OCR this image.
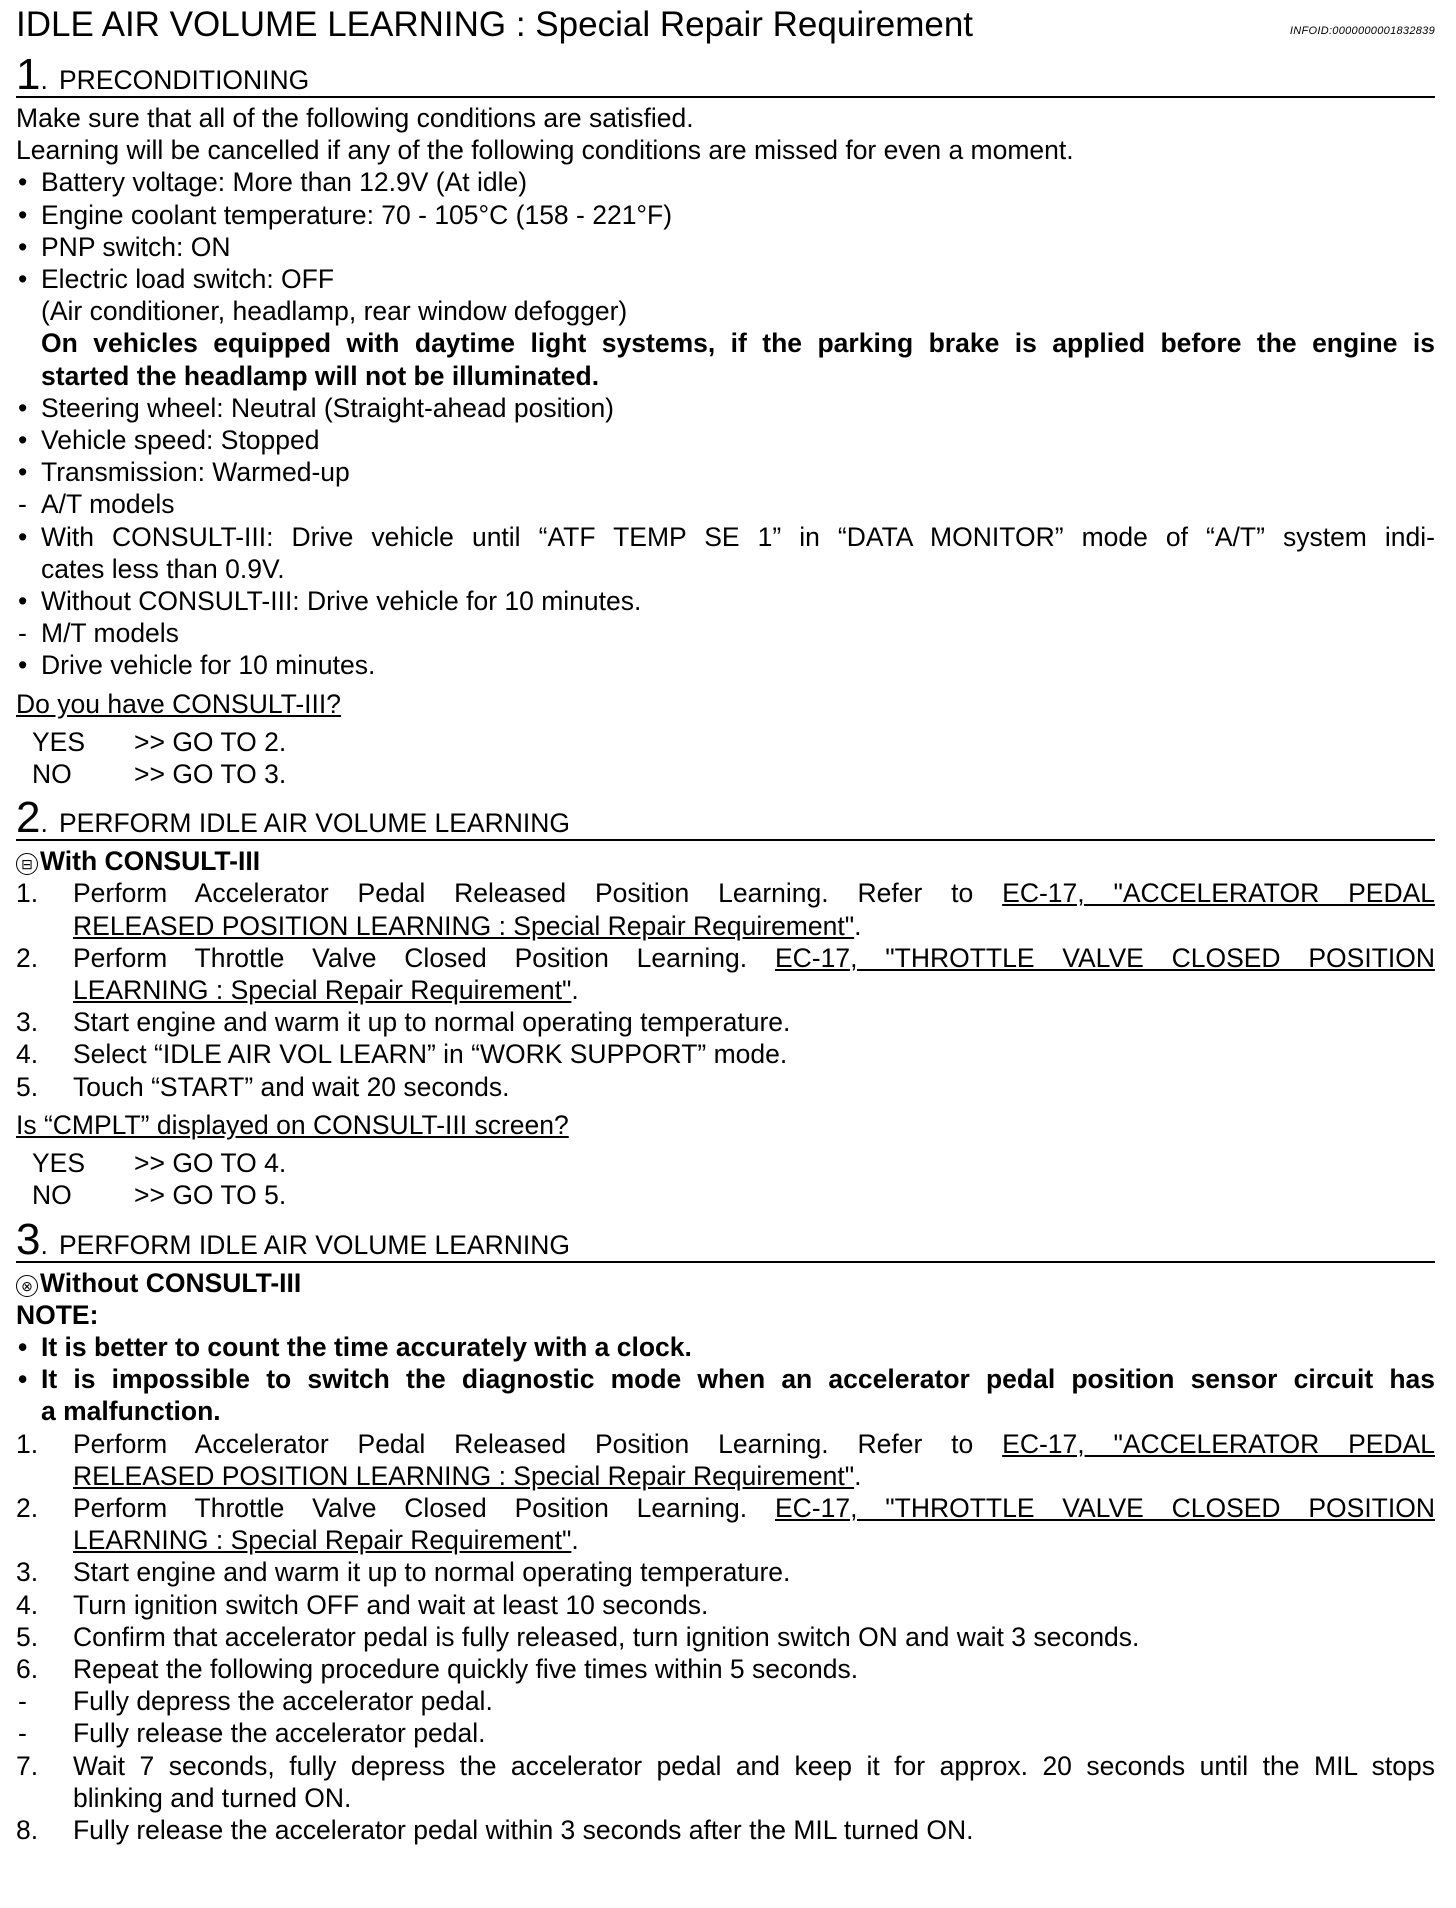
IDLE AIR VOLUME LEARNING : Special Repair Requirement	INFOID:0000000001832839
1. PRECONDITIONING
Make sure that all of the following conditions are satisfied.
Learning will be cancelled if any of the following conditions are missed for even a moment.
• Battery voltage: More than 12.9V (At idle)
• Engine coolant temperature: 70 - 105°C (158 - 221°F)
• PNP switch: ON
• Electric load switch: OFF
(Air conditioner, headlamp, rear window defogger)
On vehicles equipped with daytime light systems, if the parking brake is applied before the engine is
started the headlamp will not be illuminated.
• Steering wheel: Neutral (Straight-ahead position)
• Vehicle speed: Stopped
• Transmission: Warmed-up
- A/T models
• With CONSULT-III: Drive vehicle until “ATF TEMP SE 1” in “DATA MONITOR” mode of “A/T” system indi-
cates less than 0.9V.
• Without CONSULT-III: Drive vehicle for 10 minutes.
- M/T models
• Drive vehicle for 10 minutes.
Do you have CONSULT-III?
YES	>> GO TO 2.
NO	>> GO TO 3.
2. PERFORM IDLE AIR VOLUME LEARNING
⊟ With CONSULT-III
1. Perform Accelerator Pedal Released Position Learning. Refer to EC-17, "ACCELERATOR PEDAL
RELEASED POSITION LEARNING : Special Repair Requirement".
2. Perform Throttle Valve Closed Position Learning. EC-17, "THROTTLE VALVE CLOSED POSITION
LEARNING : Special Repair Requirement".
3. Start engine and warm it up to normal operating temperature.
4. Select “IDLE AIR VOL LEARN” in “WORK SUPPORT” mode.
5. Touch “START” and wait 20 seconds.
Is “CMPLT” displayed on CONSULT-III screen?
YES	>> GO TO 4.
NO	>> GO TO 5.
3. PERFORM IDLE AIR VOLUME LEARNING
⊗ Without CONSULT-III
NOTE:
• It is better to count the time accurately with a clock.
• It is impossible to switch the diagnostic mode when an accelerator pedal position sensor circuit has
a malfunction.
1. Perform Accelerator Pedal Released Position Learning. Refer to EC-17, "ACCELERATOR PEDAL
RELEASED POSITION LEARNING : Special Repair Requirement".
2. Perform Throttle Valve Closed Position Learning. EC-17, "THROTTLE VALVE CLOSED POSITION
LEARNING : Special Repair Requirement".
3. Start engine and warm it up to normal operating temperature.
4. Turn ignition switch OFF and wait at least 10 seconds.
5. Confirm that accelerator pedal is fully released, turn ignition switch ON and wait 3 seconds.
6. Repeat the following procedure quickly five times within 5 seconds.
- Fully depress the accelerator pedal.
- Fully release the accelerator pedal.
7. Wait 7 seconds, fully depress the accelerator pedal and keep it for approx. 20 seconds until the MIL stops
blinking and turned ON.
8. Fully release the accelerator pedal within 3 seconds after the MIL turned ON.
